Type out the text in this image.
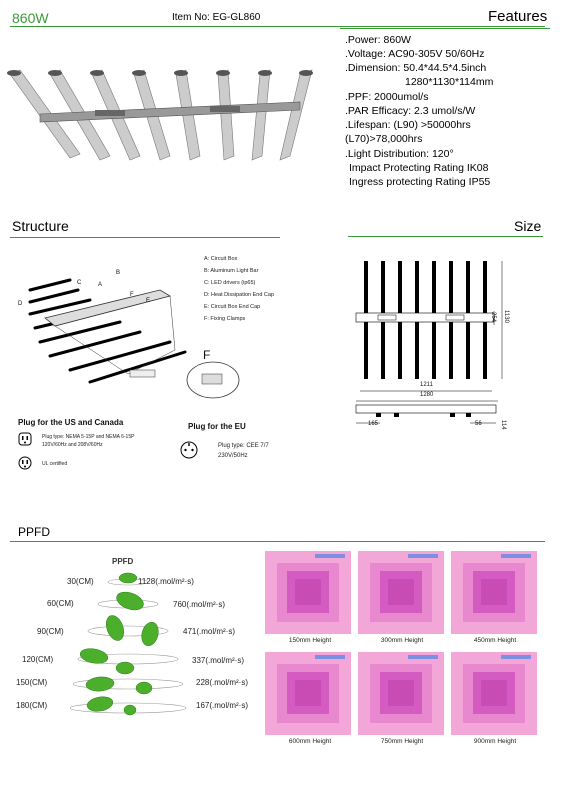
860W	Item No: EG-GL860	Features
.Power: 860W
.Voltage: AC90-305V 50/60Hz
.Dimension: 50.4*44.5*4.5inch
1280*1130*114mm
.PPF: 2000umol/s
.PAR Efficacy: 2.3 umol/s/W
.Lifespan: (L90) >50000hrs
(L70)>78,000hrs
.Light Distribution: 120°
Impact Protecting Rating IK08
Ingress protecting Rating IP55
Structure	Size
A
B
C
D	E
F
F
A: Circuit Box
B: Aluminum Light Bar
C: LED drivers (ip65)
D: Heat Dissipation End Cap
E: Circuit Box End Cap
F: Fixing Clamps
1211
1280
254 1130
165	56	114
Plug for the US and Canada
Plug type: NEMA 5-15P and NEMA 6-15P
120V/60Hz and 208V/60Hz
UL certified
Plug for the EU
Plug type: CEE 7/7
230V/50Hz
PPFD
PPFD
30(CM)	1128(.mol/m²·s)
60(CM)	760(.mol/m²·s)
90(CM)	471(.mol/m²·s)
120(CM)	337(.mol/m²·s)
150(CM)	228(.mol/m²·s)
180(CM)	167(.mol/m²·s)
150mm Height	300mm Height	450mm Height
600mm Height	750mm Height	900mm Height
